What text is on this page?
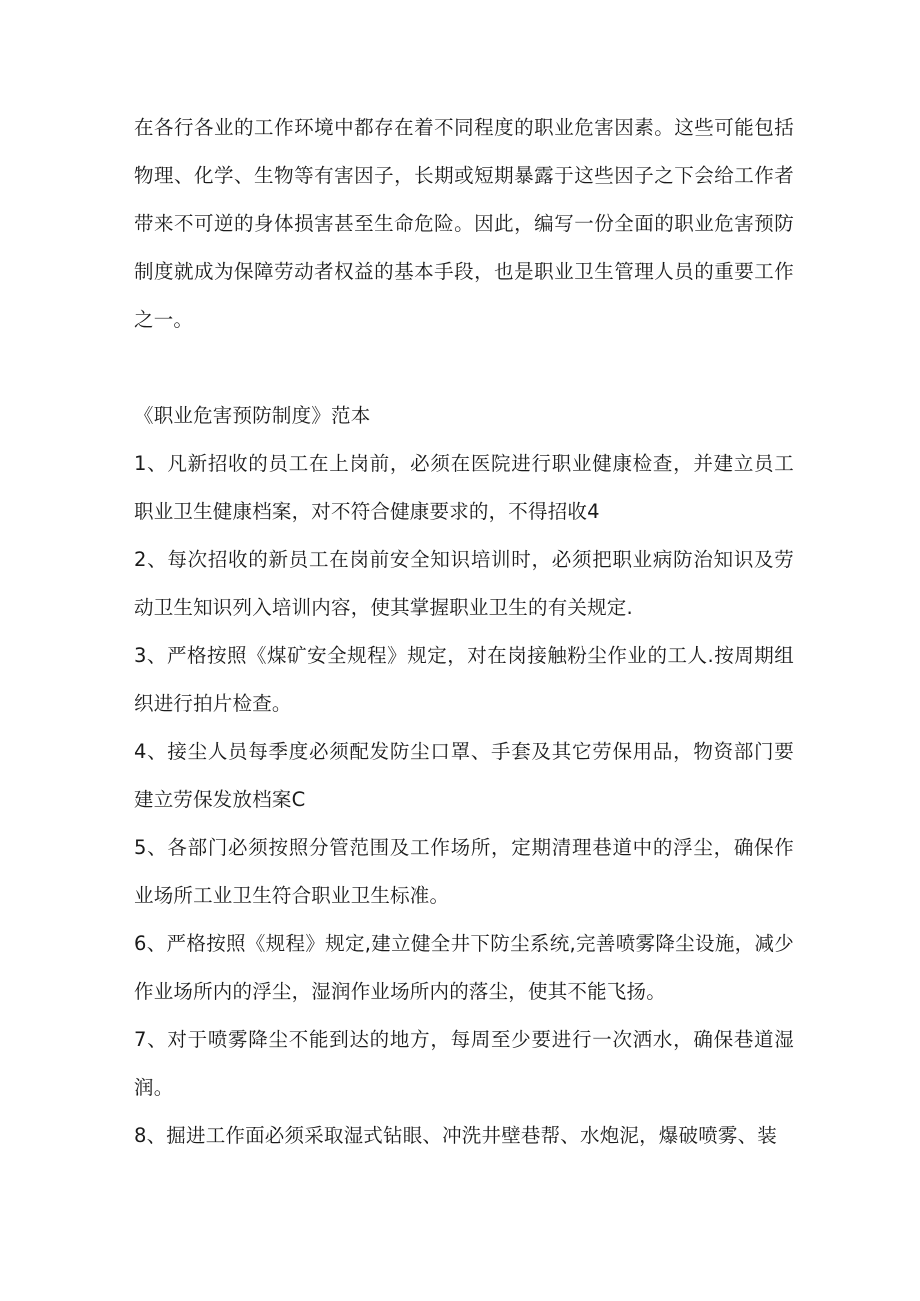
在各行各业的工作环境中都存在着不同程度的职业危害因素。这些可能包括物理、化学、生物等有害因子，长期或短期暴露于这些因子之下会给工作者带来不可逆的身体损害甚至生命危险。因此，编写一份全面的职业危害预防制度就成为保障劳动者权益的基本手段，也是职业卫生管理人员的重要工作之一。

《职业危害预防制度》范本

1、凡新招收的员工在上岗前，必须在医院进行职业健康检查，并建立员工职业卫生健康档案，对不符合健康要求的，不得招收4

2、每次招收的新员工在岗前安全知识培训时，必须把职业病防治知识及劳动卫生知识列入培训内容，使其掌握职业卫生的有关规定.

3、严格按照《煤矿安全规程》规定，对在岗接触粉尘作业的工人.按周期组织进行拍片检查。

4、接尘人员每季度必须配发防尘口罩、手套及其它劳保用品，物资部门要建立劳保发放档案C

5、各部门必须按照分管范围及工作场所，定期清理巷道中的浮尘，确保作业场所工业卫生符合职业卫生标准。

6、严格按照《规程》规定,建立健全井下防尘系统,完善喷雾降尘设施，减少作业场所内的浮尘，湿润作业场所内的落尘，使其不能飞扬。

7、对于喷雾降尘不能到达的地方，每周至少要进行一次洒水，确保巷道湿润。

8、掘进工作面必须采取湿式钻眼、冲洗井壁巷帮、水炮泥，爆破喷雾、装
